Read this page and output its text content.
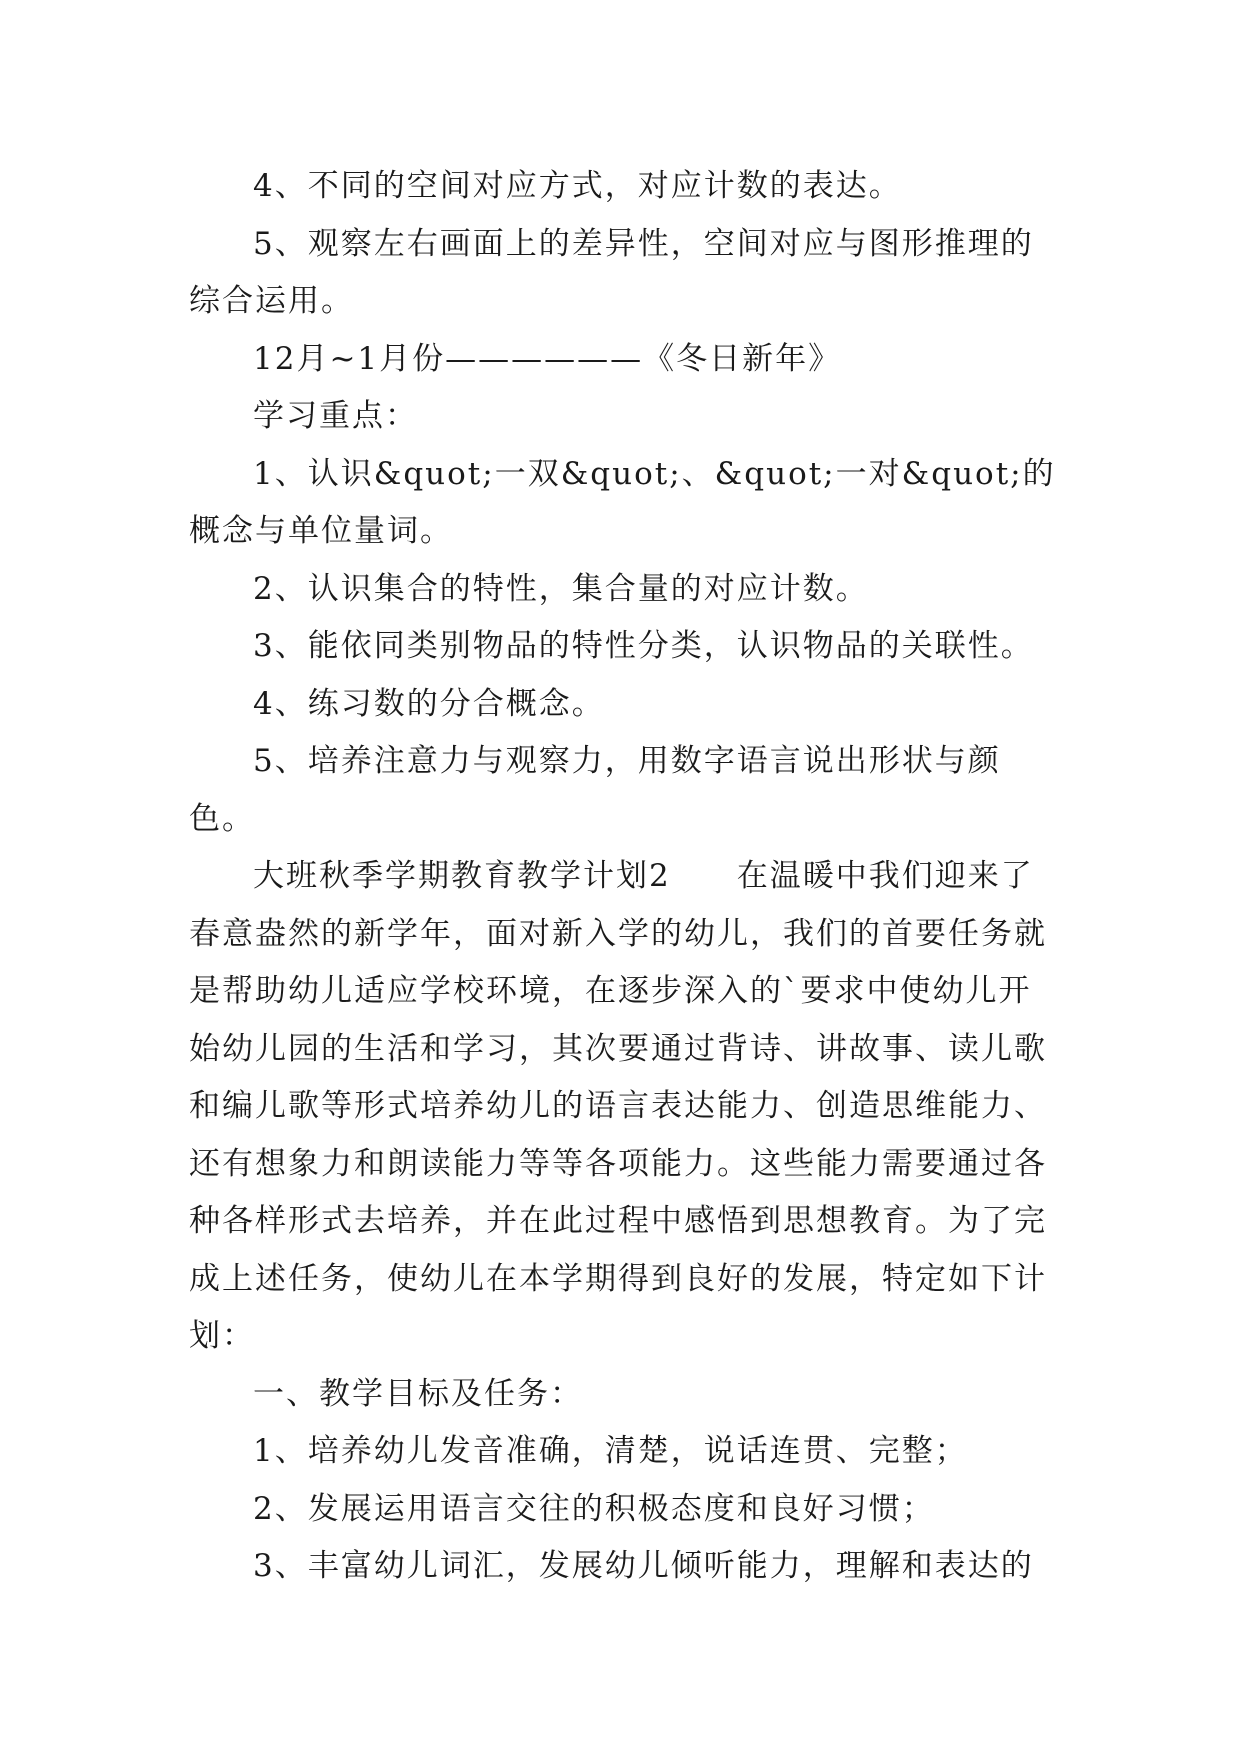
4、不同的空间对应方式，对应计数的表达。

5、观察左右画面上的差异性，空间对应与图形推理的综合运用。

12月~1月份——————《冬日新年》

学习重点：

1、认识&quot;一双&quot;、&quot;一对&quot;的概念与单位量词。

2、认识集合的特性，集合量的对应计数。

3、能依同类别物品的特性分类，认识物品的关联性。

4、练习数的分合概念。

5、培养注意力与观察力，用数字语言说出形状与颜色。

大班秋季学期教育教学计划2　　在温暖中我们迎来了春意盎然的新学年，面对新入学的幼儿，我们的首要任务就是帮助幼儿适应学校环境，在逐步深入的`要求中使幼儿开始幼儿园的生活和学习，其次要通过背诗、讲故事、读儿歌和编儿歌等形式培养幼儿的语言表达能力、创造思维能力、还有想象力和朗读能力等等各项能力。这些能力需要通过各种各样形式去培养，并在此过程中感悟到思想教育。为了完成上述任务，使幼儿在本学期得到良好的发展，特定如下计划：

一、教学目标及任务：

1、培养幼儿发音准确，清楚，说话连贯、完整；

2、发展运用语言交往的积极态度和良好习惯；

3、丰富幼儿词汇，发展幼儿倾听能力，理解和表达的
